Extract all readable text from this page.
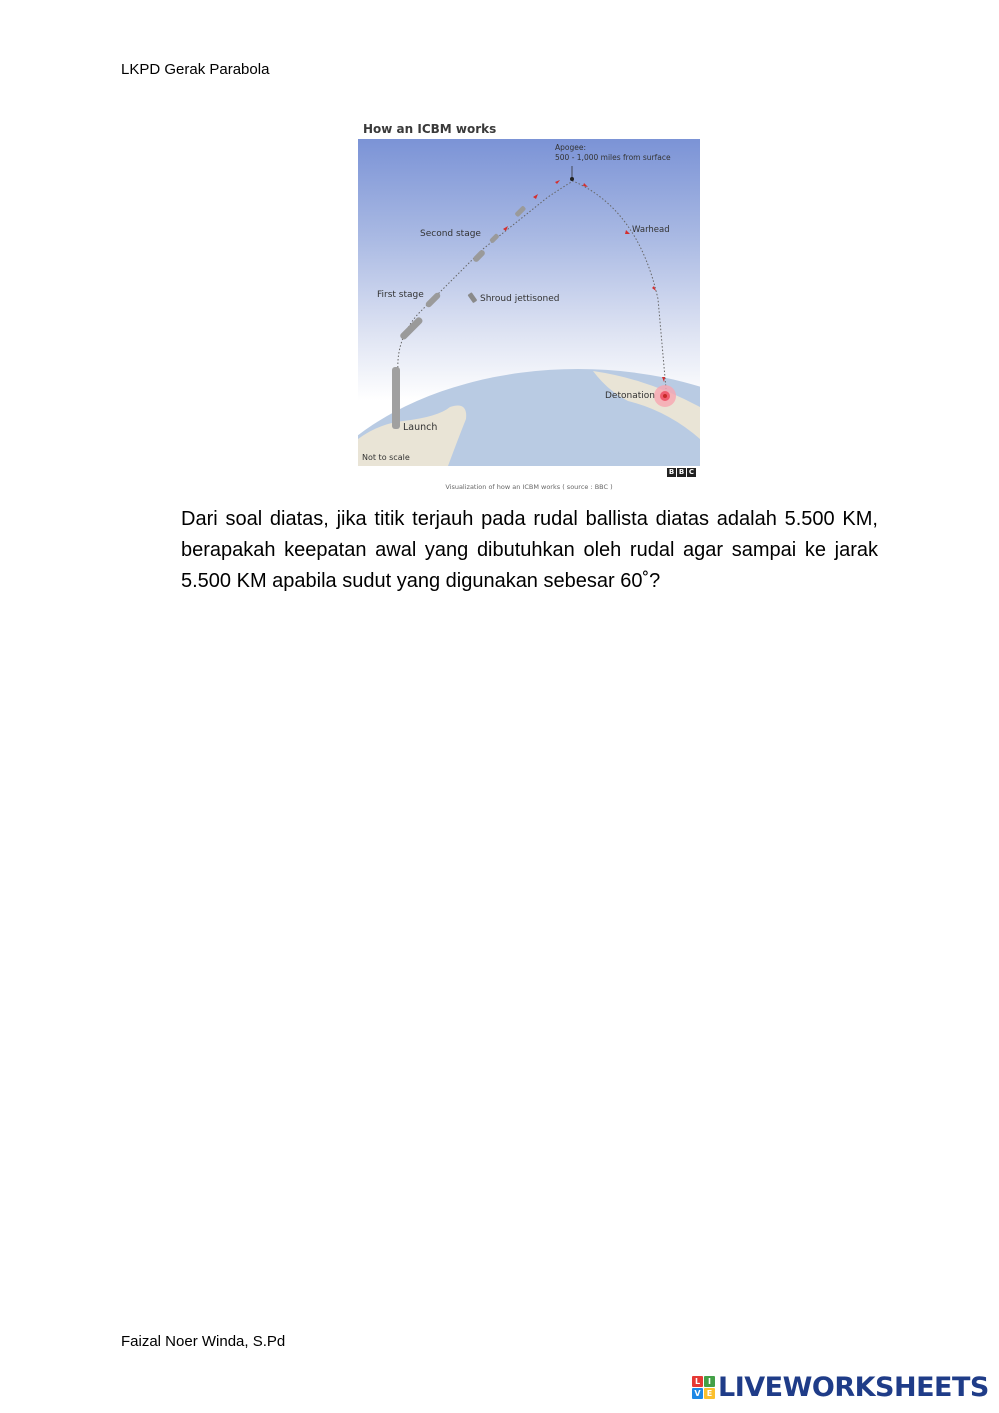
LKPD Gerak Parabola
How an ICBM works
Apogee:
500 - 1,000 miles from surface
Second stage	Warhead
First stage	Shroud jettisoned
Detonation
Launch
Not to scale
B B C
Visualization of how an ICBM works ( source : BBC )

Dari soal diatas, jika titik terjauh pada rudal ballista diatas adalah 5.500 KM, berapakah keepatan awal yang dibutuhkan oleh rudal agar sampai ke jarak 5.500 KM apabila sudut yang digunakan sebesar 60˚?

Faizal Noer Winda, S.Pd
L I
V E LIVEWORKSHEETS
